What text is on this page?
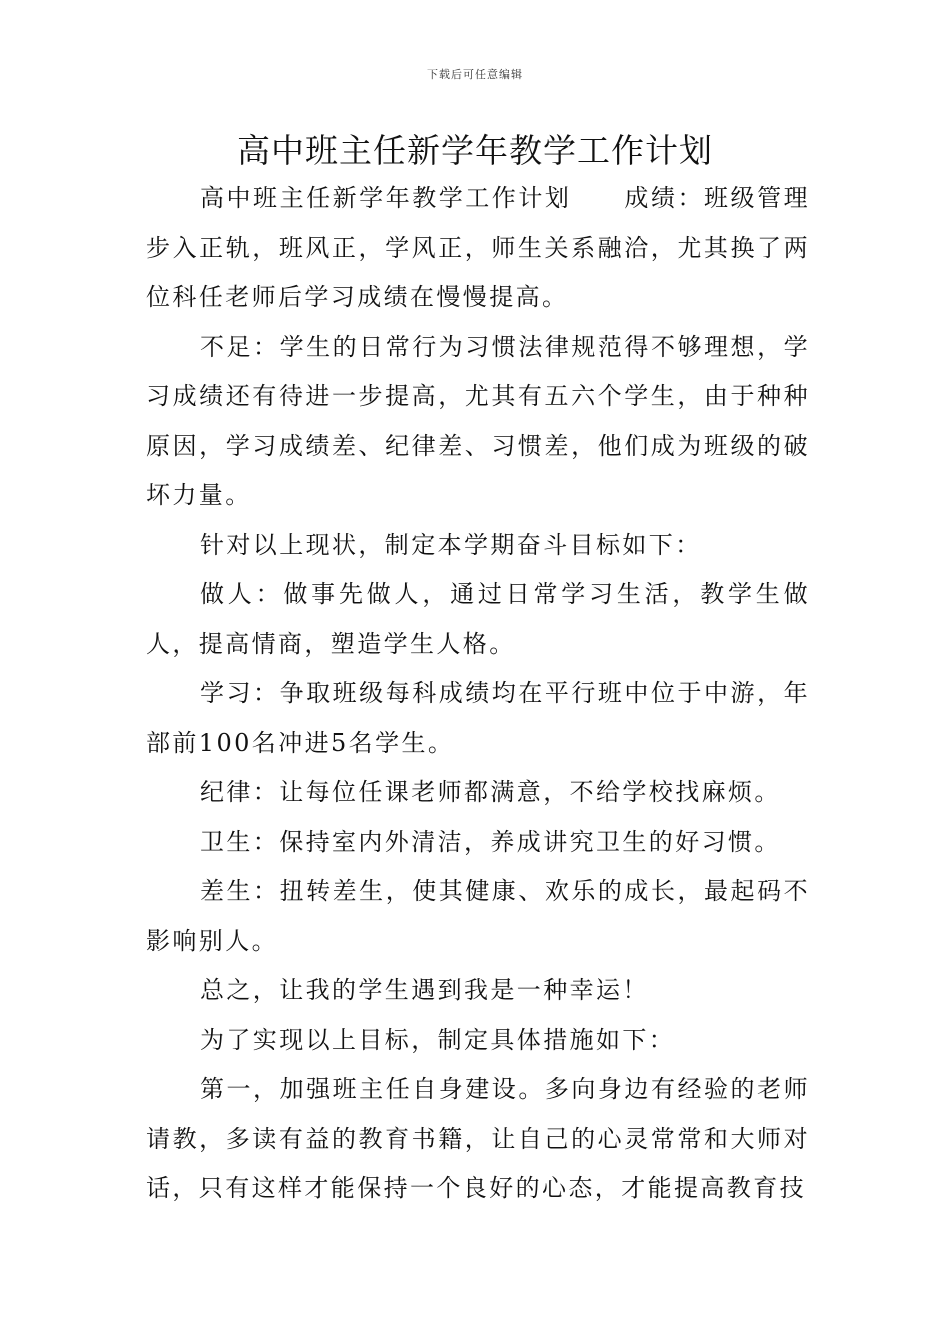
下载后可任意编辑
高中班主任新学年教学工作计划

高中班主任新学年教学工作计划　　成绩：班级管理步入正轨，班风正，学风正，师生关系融洽，尤其换了两位科任老师后学习成绩在慢慢提高。

不足：学生的日常行为习惯法律规范得不够理想，学习成绩还有待进一步提高，尤其有五六个学生，由于种种原因，学习成绩差、纪律差、习惯差，他们成为班级的破坏力量。

针对以上现状，制定本学期奋斗目标如下：

做人：做事先做人，通过日常学习生活，教学生做人，提高情商，塑造学生人格。

学习：争取班级每科成绩均在平行班中位于中游，年部前100名冲进5名学生。

纪律：让每位任课老师都满意，不给学校找麻烦。

卫生：保持室内外清洁，养成讲究卫生的好习惯。

差生：扭转差生，使其健康、欢乐的成长，最起码不影响别人。

总之，让我的学生遇到我是一种幸运！

为了实现以上目标，制定具体措施如下：

第一，加强班主任自身建设。多向身边有经验的老师请教，多读有益的教育书籍，让自己的心灵常常和大师对话，只有这样才能保持一个良好的心态，才能提高教育技
